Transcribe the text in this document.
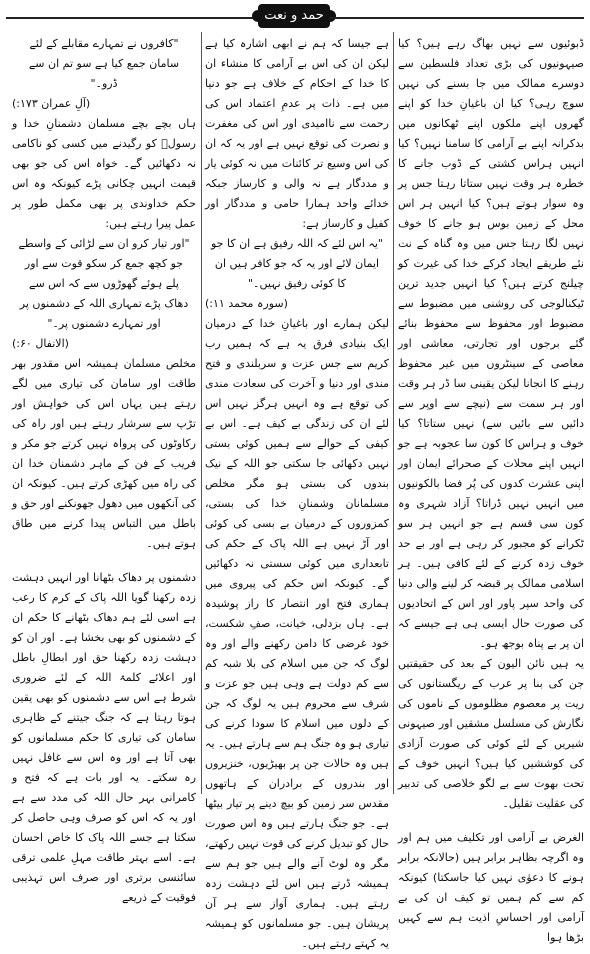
حمد و نعت

ڈبوئیوں سے نہیں بھاگ رہے ہیں؟ کیا صیہونیوں کی بڑی تعداد فلسطین سے دوسرے ممالک میں جا بسنے کی نہیں سوچ رہی؟ کیا ان باغیانِ خدا کو اپنے گھروں اپنے ملکوں اپنے ٹھکانوں میں بدکرانہ اپنے بے آرامی کا سامنا نہیں؟ کیا انہیں ہراس کشتی کے ڈوب جانے کا خطرہ ہر وقت نہیں ستاتا رہتا جس پر وہ سوار ہوتے ہیں؟ کیا انہیں ہر اس محل کے زمین بوس ہو جانے کا خوف نہیں لگا رہتا جس میں وہ گناہ کے نت نئے طریقے ایجاد کرکے خدا کی غیرت کو چیلنج کرتے ہیں؟ کیا انہیں جدید ترین ٹیکنالوجی کی روشنی میں مضبوط سے مضبوط اور محفوظ سے محفوظ بنائے گئے برجوں اور تجارتی، معاشی اور معاصی کے سینٹروں میں غیر محفوظ رہنے کا انجانا لیکن یقینی سا ڈر ہر وقت اور ہر سمت سے (نیچے سے اوپر سے دائیں سے بائیں سے) نہیں ستاتا؟ کیا خوف و ہراس کا کون سا عجوبہ ہے جو انہیں اپنے محلات کے صحرائے ایمان اور اپنی عشرت کدوں کی پُر فضا بالکونیوں میں انہیں نہیں ڈراتا؟ آزاد شہری وہ کون سی قسم ہے جو انہیں ہر سو ٹکرانے کو مجبور کر رہی ہے اور بے حد خوف زدہ کرنے کے لئے کافی ہیں۔ ہر اسلامی ممالک پر قبضہ کر لینے والی دنیا کی واحد سپر پاور اور اس کے اتحادیوں کی صورت حال ایسی ہی ہے جیسے کہ ان پر بے پناہ بوجھ ہو۔

یہ ہیں نائن الیون کے بعد کی حقیقتیں جن کی بنا پر عرب کے ریگستانوں کی ریت پر معصوم مظلوموں کے ناموں کی نگارش کی مسلسل مشقیں اور صیہونی شیریں کے لئے کوئی کی صورت آزادی کی کوششیں کیا ہیں؟ انہیں خوف کے تحت بھوت سے بے لگو خلاصی کی تدبیر کی عقلیت تقلیل۔

الغرض بے آرامی اور تکلیف میں ہم اور وہ اگرچہ بظاہر برابر ہیں (حالانکہ برابر ہونے کا دعوٰی نہیں کیا جاسکتا) کیونکہ کم سے کم ہمیں تو کیف ان کی بے آرامی اور احساسِ اذیت ہم سے کہیں بڑھا ہوا

ہے جیسا کہ ہم نے ابھی اشارہ کیا ہے لیکن ان کی اس بے آرامی کا منشاء ان کا خدا کے احکام کے خلاف ہے جو دنیا میں ہے۔ ذات پر عدمِ اعتماد اس کی رحمت سے ناامیدی اور اس کی مغفرت و نصرت کی توقع نہیں ہے اور یہ کہ ان کی اس وسیع تر کائنات میں نہ کوئی یار و مددگار ہے نہ والی و کارساز جبکہ خدائے واحد ہمارا حامی و مددگار اور کفیل و کارساز ہے:

"یہ اس لئے کہ اللہ رفیق ہے ان کا جو ایمان لائے اور یہ کہ جو کافر ہیں ان کا کوئی رفیق نہیں۔"

(سورہ محمد ۱۱:)

لیکن ہمارے اور باغیانِ خدا کے درمیان ایک بنیادی فرق یہ ہے کہ ہمیں رب کریم سے جس عزت و سربلندی و فتح مندی اور دنیا و آخرت کی سعادت مندی کی توقع ہے وہ انہیں ہرگز نہیں اس لئے ان کی زندگی بے کیف ہے۔ اس بے کیفی کے حوالے سے ہمیں کوئی بستی نہیں دکھائی جا سکتی جو اللہ کے نیک بندوں کی بستی ہو مگر مخلص مسلمانان وشمنانِ خدا کی بستی، کمزوروں کے درمیان بے بسی کی کوئی اور آڑ نہیں ہے اللہ پاک کے حکم کی تابعداری میں کوئی سستی نہ دکھائیں گے۔ کیونکہ اس حکم کی پیروی میں ہماری فتح اور انتصار کا راز پوشیدہ ہے۔ ہاں بزدلی، خیانت، صفِ شکست، خود غرضی کا دامن رکھنے والے اور وہ لوگ کہ جن میں اسلام کی بلا شبہ کم سے کم دولت ہے وہی ہیں جو عزت و شرف سے محروم ہیں یہ لوگ کہ جن کے دلوں میں اسلام کا سودا کرنے کی تیاری ہو وہ جنگ ہم سے ہارتے ہیں۔ یہ ہیں وہ حالات جن پر بھیڑیوں، خنزیروں اور بندروں کے برادران کے ہاتھوں مقدس سر زمین کو بیچ دینے پر تیار بیٹھا ہے۔ جو جنگ ہارتے ہیں وہ اس صورت حال کو تبدیل کرنے کی قوت نہیں رکھتے، مگر وہ لوٹ آنے والے ہیں جو ہم سے ہمیشہ ڈرتے ہیں اس لئے دہشت زدہ رہتے ہیں۔ ہماری آواز سے ہر آن پریشان ہیں۔ جو مسلمانوں کو ہمیشہ یہ کہتے رہتے ہیں۔

"کافروں نے تمہارے مقابلے کے لئے سامان جمع کیا ہے سو تم ان سے ڈرو۔"

(آلِ عمران ۱۷۳:)

ہاں بچے بچے مسلمان دشمنانِ خدا و رسولؐ کو رگیدنے میں کسی کو ناکامی نہ دکھائیں گے۔ خواہ اس کی جو بھی قیمت انہیں چکانی پڑے کیونکہ وہ اس حکم خداوندی پر بھی مکمل طور پر عمل پیرا رہتے ہیں:

"اور تیار کرو ان سے لڑائی کے واسطے جو کچھ جمع کر سکو قوت سے اور پلے ہوئے گھوڑوں سے کہ اس سے دھاک پڑے تمہاری اللہ کے دشمنوں پر اور تمہارے دشمنوں پر۔"

(الانفال ۶۰:)

مخلص مسلمان ہمیشہ اس مقدور بھر طاقت اور سامان کی تیاری میں لگے رہتے ہیں یہاں اس کی خواہش اور تڑپ سے سرشار رہتے ہیں اور راہ کی رکاوٹوں کی پرواہ نہیں کرتے جو مکر و فریب کے فن کے ماہر دشمنان خدا ان کی راہ میں کھڑی کرتے ہیں۔ کیونکہ ان کی آنکھوں میں دھول جھونکنے اور حق و باطل میں التباس پیدا کرنے میں طاق ہوتے ہیں۔

دشمنوں پر دھاک بٹھانا اور انہیں دہشت زدہ رکھنا گویا اللہ پاک کے کرم کا رعب ہے اسی لئے ہم دھاک بٹھانے کا حکم ان کے دشمنوں کو بھی بخشا ہے۔ اور ان کو دہشت زدہ رکھنا حق اور ابطالِ باطل اور اعلائے کلمۃ اللہ کے لئے ضروری شرط ہے اس سے دشمنوں کو بھی یقین ہوتا رہتا ہے کہ جنگ جیتنے کے ظاہری سامان کی تیاری کا حکم مسلمانوں کو بھی آتا ہے اور وہ اس سے غافل نہیں رہ سکتے۔ یہ اور بات ہے کہ فتح و کامرانی بہر حال اللہ کی مدد سے ہے اور یہ کہ اس کو صرف وہی حاصل کر سکتا ہے جسے اللہ پاک کا خاص احسان ہے۔ اسے بہتر طاقت مہلِ علمی ترقی سائنسی برتری اور صرف اس تہذیبی فوقیت کے ذریعے
